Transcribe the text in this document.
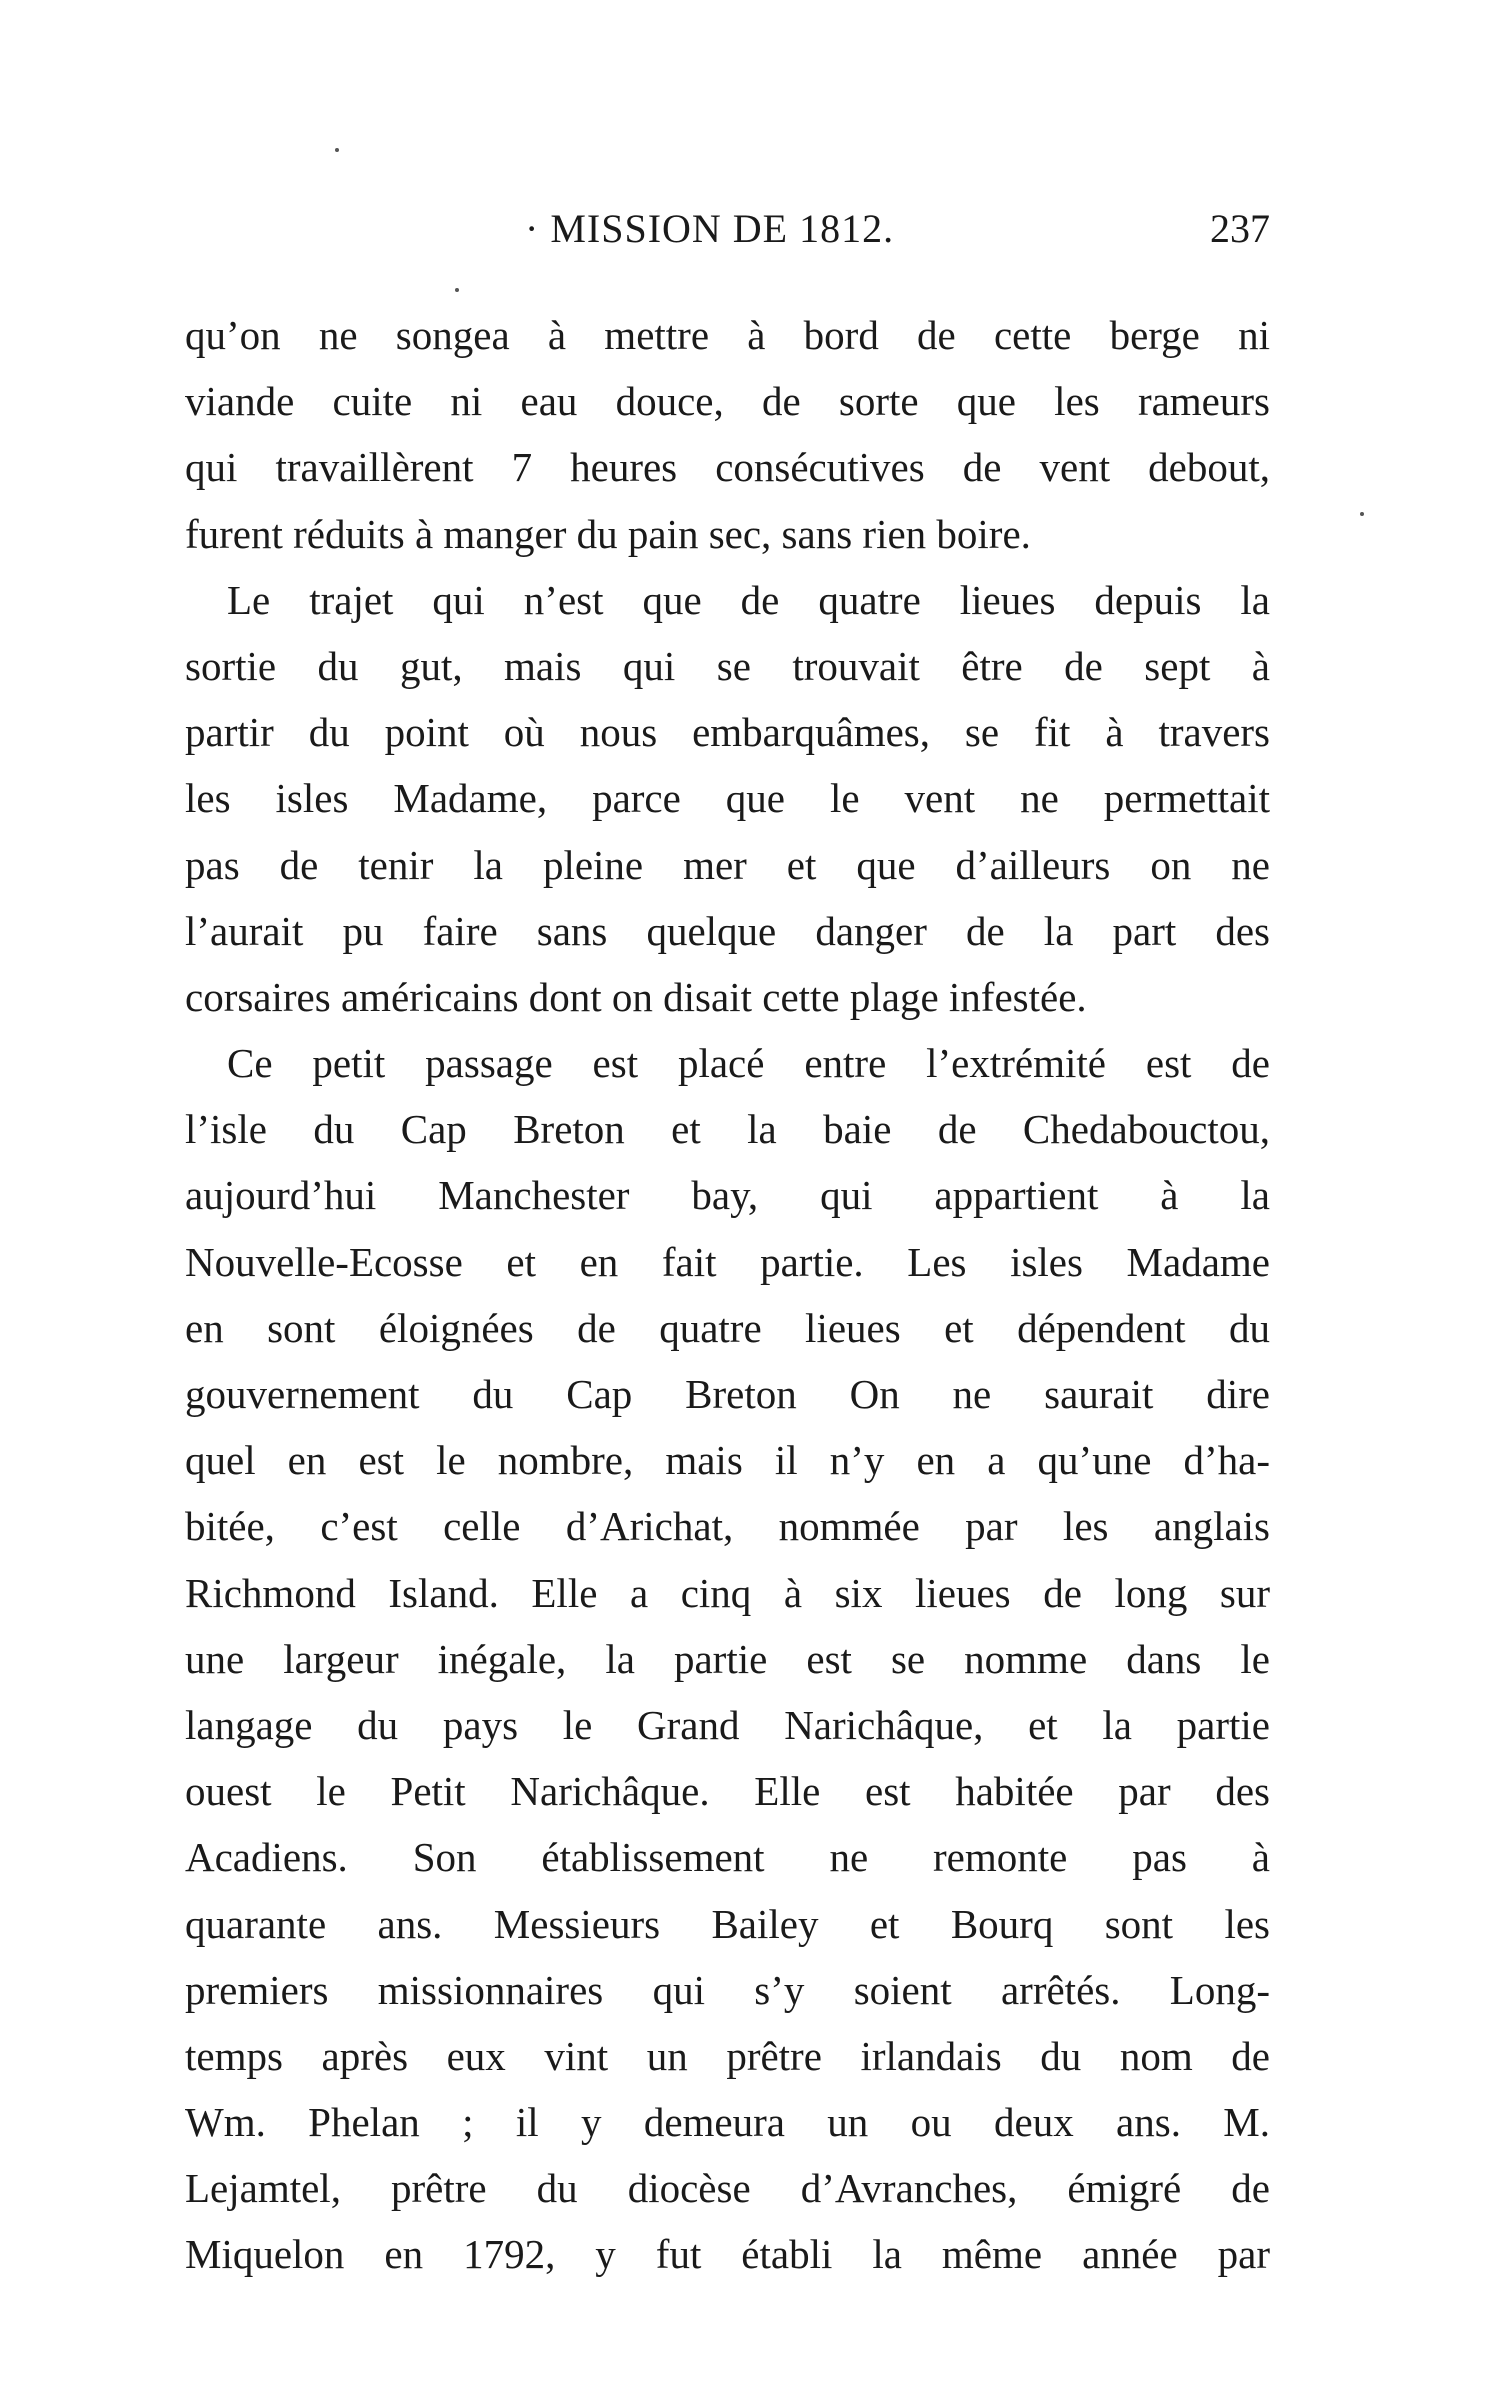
· MISSION DE 1812.	237
qu’on ne songea à mettre à bord de cette berge ni
viande cuite ni eau douce, de sorte que les rameurs
qui travaillèrent 7 heures consécutives de vent debout,
furent réduits à manger du pain sec, sans rien boire.
Le trajet qui n’est que de quatre lieues depuis la
sortie du gut, mais qui se trouvait être de sept à
partir du point où nous embarquâmes, se fit à travers
les isles Madame, parce que le vent ne permettait
pas de tenir la pleine mer et que d’ailleurs on ne
l’aurait pu faire sans quelque danger de la part des
corsaires américains dont on disait cette plage infestée.
Ce petit passage est placé entre l’extrémité est de
l’isle du Cap Breton et la baie de Chedabouctou,
aujourd’hui Manchester bay, qui appartient à la
Nouvelle-Ecosse et en fait partie. Les isles Madame
en sont éloignées de quatre lieues et dépendent du
gouvernement du Cap Breton On ne saurait dire
quel en est le nombre, mais il n’y en a qu’une d’ha-
bitée, c’est celle d’Arichat, nommée par les anglais
Richmond Island. Elle a cinq à six lieues de long sur
une largeur inégale, la partie est se nomme dans le
langage du pays le Grand Narichâque, et la partie
ouest le Petit Narichâque. Elle est habitée par des
Acadiens. Son établissement ne remonte pas à
quarante ans. Messieurs Bailey et Bourq sont les
premiers missionnaires qui s’y soient arrêtés. Long-
temps après eux vint un prêtre irlandais du nom de
Wm. Phelan ; il y demeura un ou deux ans. M.
Lejamtel, prêtre du diocèse d’Avranches, émigré de
Miquelon en 1792, y fut établi la même année par
